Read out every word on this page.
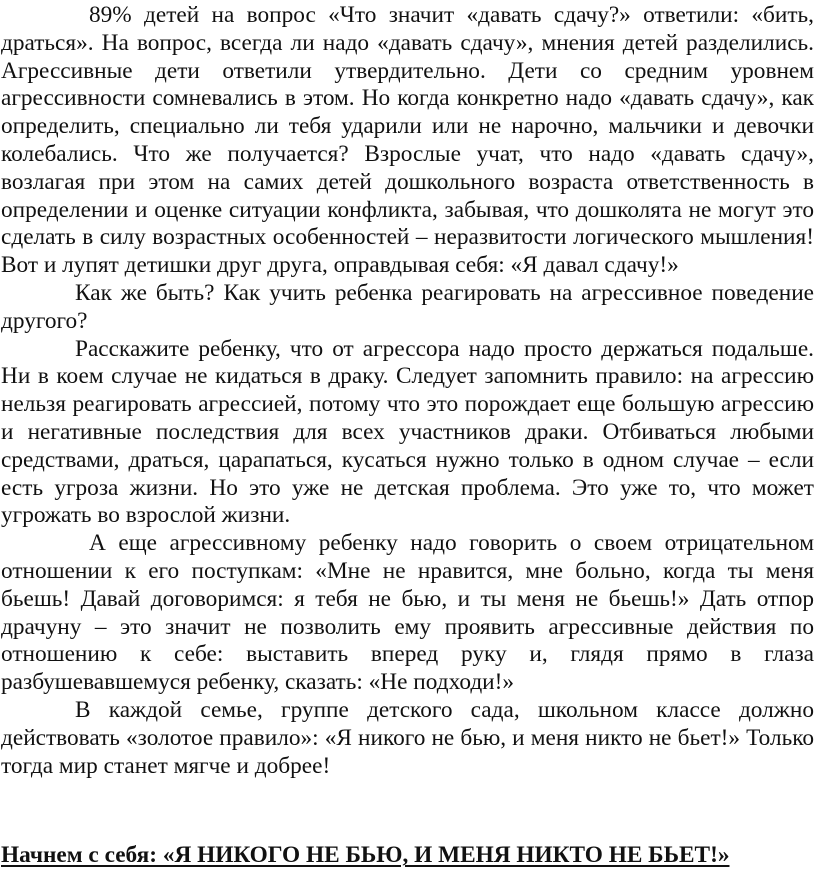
89% детей на вопрос «Что значит «давать сдачу?» ответили: «бить, драться». На вопрос, всегда ли надо «давать сдачу», мнения детей разделились. Агрессивные дети ответили утвердительно. Дети со средним уровнем агрессивности сомневались в этом. Но когда конкретно надо «давать сдачу», как определить, специально ли тебя ударили или не нарочно, мальчики и девочки колебались. Что же получается? Взрослые учат, что надо «давать сдачу», возлагая при этом на самих детей дошкольного возраста ответственность в определении и оценке ситуации конфликта, забывая, что дошколята не могут это сделать в силу возрастных особенностей – неразвитости логического мышления! Вот и лупят детишки друг друга, оправдывая себя: «Я давал сдачу!»

Как же быть? Как учить ребенка реагировать на агрессивное поведение другого?

Расскажите ребенку, что от агрессора надо просто держаться подальше. Ни в коем случае не кидаться в драку. Следует запомнить правило: на агрессию нельзя реагировать агрессией, потому что это порождает еще большую агрессию и негативные последствия для всех участников драки. Отбиваться любыми средствами, драться, царапаться, кусаться нужно только в одном случае – если есть угроза жизни. Но это уже не детская проблема. Это уже то, что может угрожать во взрослой жизни.

А еще агрессивному ребенку надо говорить о своем отрицательном отношении к его поступкам: «Мне не нравится, мне больно, когда ты меня бьешь! Давай договоримся: я тебя не бью, и ты меня не бьешь!» Дать отпор драчуну – это значит не позволить ему проявить агрессивные действия по отношению к себе: выставить вперед руку и, глядя прямо в глаза разбушевавшемуся ребенку, сказать: «Не подходи!»

В каждой семье, группе детского сада, школьном классе должно действовать «золотое правило»: «Я никого не бью, и меня никто не бьет!» Только тогда мир станет мягче и добрее!

Начнем с себя: «Я НИКОГО НЕ БЬЮ, И МЕНЯ НИКТО НЕ БЬЕТ!»
